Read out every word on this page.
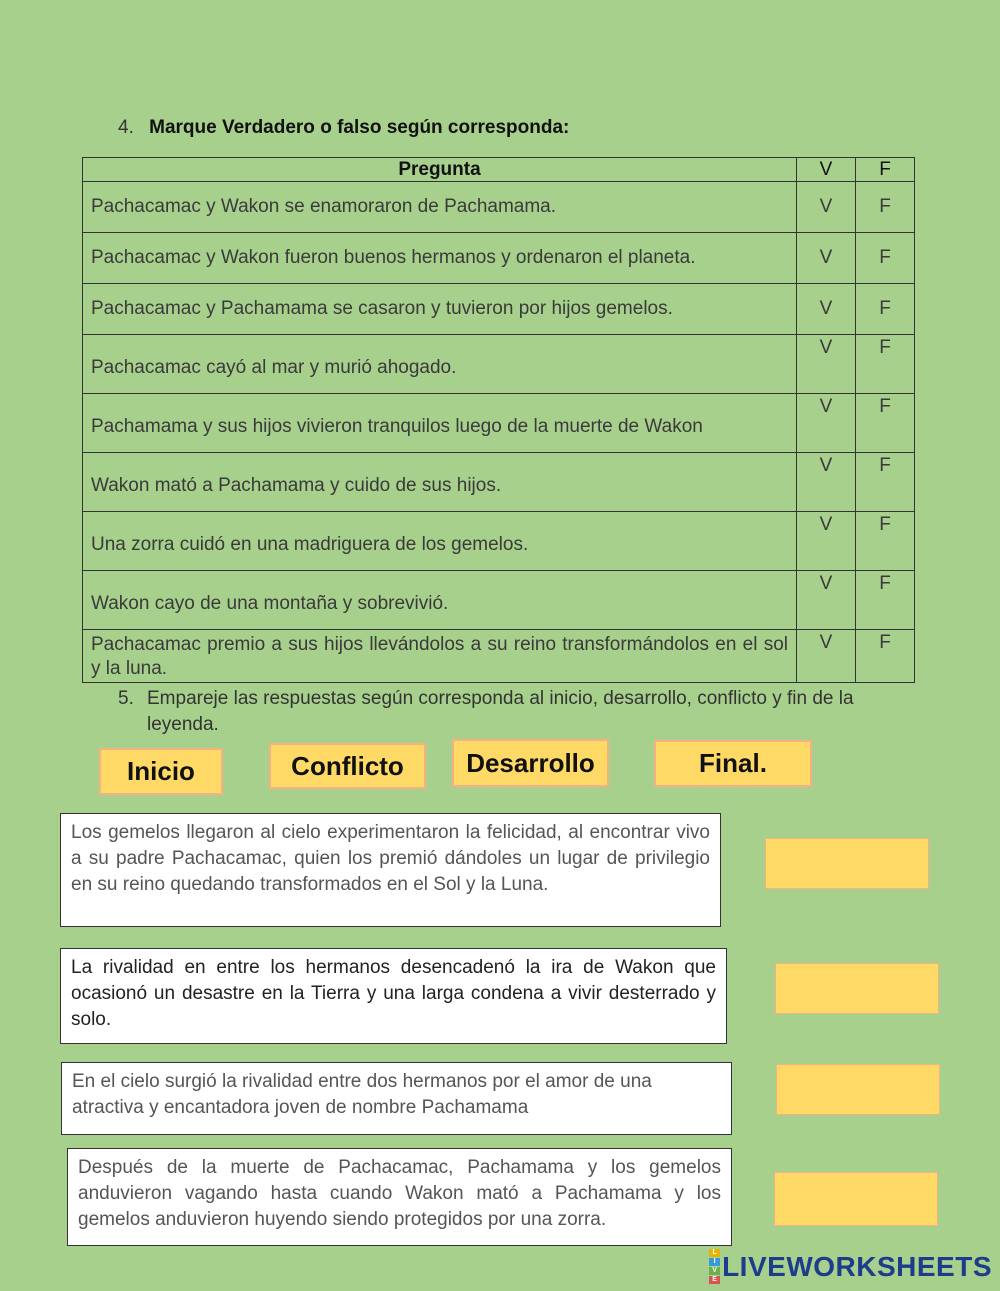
4. Marque Verdadero o falso según corresponda:
Pregunta	V	F
Pachacamac y Wakon se enamoraron de Pachamama.	V	F
Pachacamac y Wakon fueron buenos hermanos y ordenaron el planeta.	V	F
Pachacamac y Pachamama se casaron y tuvieron por hijos gemelos.	V	F
Pachacamac cayó al mar y murió ahogado.	V	F
Pachamama y sus hijos vivieron tranquilos luego de la muerte de Wakon	V	F
Wakon mató a Pachamama y cuido de sus hijos.	V	F
Una zorra cuidó en una madriguera de los gemelos.	V	F
Wakon cayo de una montaña y sobrevivió.	V	F
Pachacamac premio a sus hijos llevándolos a su reino transformándolos en el sol y la luna.	V	F
5. Empareje las respuestas según corresponda al inicio, desarrollo, conflicto y fin de la leyenda.
Inicio	Conflicto	Desarrollo	Final.
Los gemelos llegaron al cielo experimentaron la felicidad, al encontrar vivo a su padre Pachacamac, quien los premió dándoles un lugar de privilegio en su reino quedando transformados en el Sol y la Luna.
La rivalidad en entre los hermanos desencadenó la ira de Wakon que ocasionó un desastre en la Tierra y una larga condena a vivir desterrado y solo.
En el cielo surgió la rivalidad entre dos hermanos por el amor de una atractiva y encantadora joven de nombre Pachamama
Después de la muerte de Pachacamac, Pachamama y los gemelos anduvieron vagando hasta cuando Wakon mató a Pachamama y los gemelos anduvieron huyendo siendo protegidos por una zorra.
L
I
V
E LIVEWORKSHEETS
